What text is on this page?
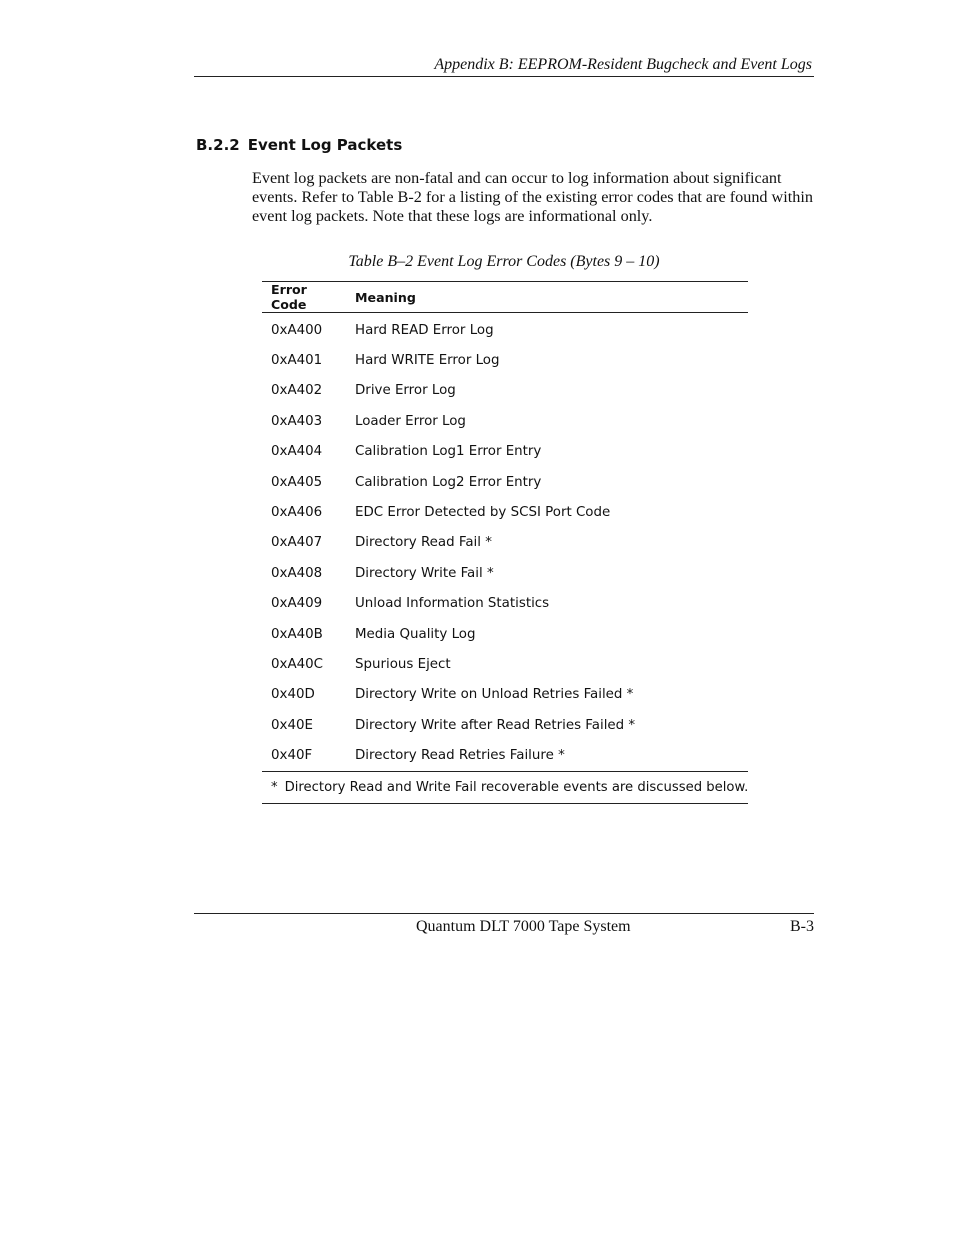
Appendix B: EEPROM-Resident Bugcheck and Event Logs
B.2.2 Event Log Packets

Event log packets are non-fatal and can occur to log information about significant events. Refer to Table B-2 for a listing of the existing error codes that are found within event log packets. Note that these logs are informational only.

Table B–2 Event Log Error Codes (Bytes 9 – 10)
Error Code	Meaning
0xA400	Hard READ Error Log
0xA401	Hard WRITE Error Log
0xA402	Drive Error Log
0xA403	Loader Error Log
0xA404	Calibration Log1 Error Entry
0xA405	Calibration Log2 Error Entry
0xA406	EDC Error Detected by SCSI Port Code
0xA407	Directory Read Fail *
0xA408	Directory Write Fail *
0xA409	Unload Information Statistics
0xA40B	Media Quality Log
0xA40C	Spurious Eject
0x40D	Directory Write on Unload Retries Failed *
0x40E	Directory Write after Read Retries Failed *
0x40F	Directory Read Retries Failure *
* Directory Read and Write Fail recoverable events are discussed below.	
Quantum DLT 7000 Tape System	B-3
